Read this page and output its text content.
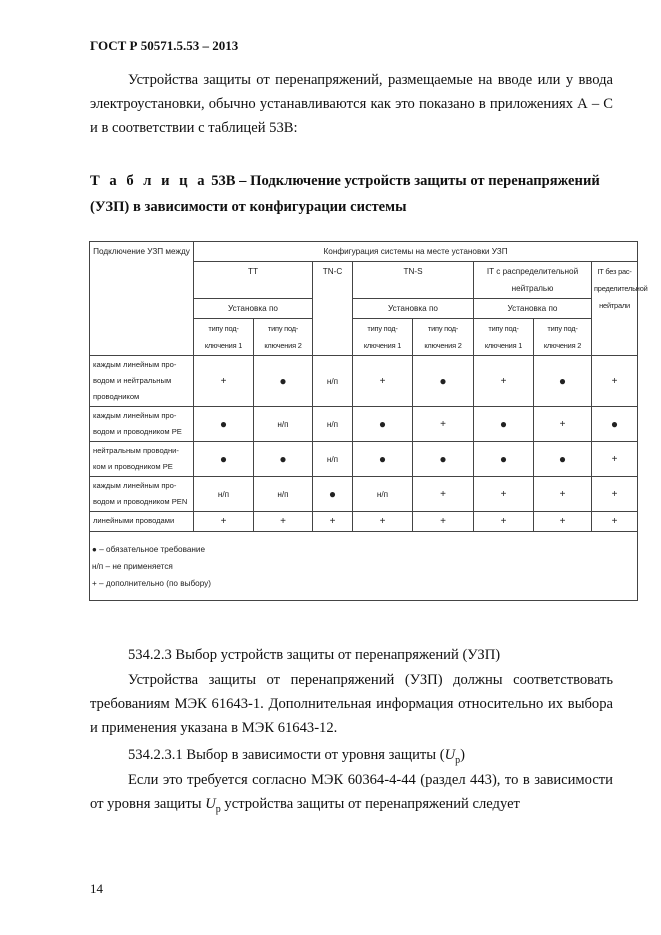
ГОСТ Р 50571.5.53 – 2013
Устройства защиты от перенапряжений, размещаемые на вводе или у ввода электроустановки, обычно устанавливаются как это показано в приложениях А – С и в соответствии с таблицей 53В:
Т а б л и ц а 53В – Подключение устройств защиты от перенапряжений (УЗП) в зависимости от конфигурации системы
Подключение УЗП между	Конфигурация системы на месте установки УЗП							
	TT		TN-C	TN-S		IT с распределительной нейтралью		IT без рас-пределительной нейтрали
	Установка по			Установка по		Установка по		
	типу под-ключения 1	типу под-ключения 2		типу под-ключения 1	типу под-ключения 2	типу под-ключения 1	типу под-ключения 2	
каждым линейным про-водом и нейтральным проводником	+	●	н/п	+	●	+	●	+
каждым линейным про-водом и проводником PE	●	н/п	н/п	●	+	●	+	●
нейтральным проводни-ком и проводником PE	●	●	н/п	●	●	●	●	+
каждым линейным про-водом и проводником PEN	н/п	н/п	●	н/п	+	+	+	+
линейными проводами	+	+	+	+	+	+	+	+

● – обязательное требование
н/п – не применяется
+ – дополнительно (по выбору)								
534.2.3 Выбор устройств защиты от перенапряжений (УЗП)
Устройства защиты от перенапряжений (УЗП) должны соответствовать требованиям МЭК 61643-1. Дополнительная информация относительно их выбора и применения указана в МЭК 61643-12.
534.2.3.1 Выбор в зависимости от уровня защиты $(U_p)$
Если это требуется согласно МЭК 60364-4-44 (раздел 443), то в зависимости от уровня защиты $U_p$ устройства защиты от перенапряжений следует
14
